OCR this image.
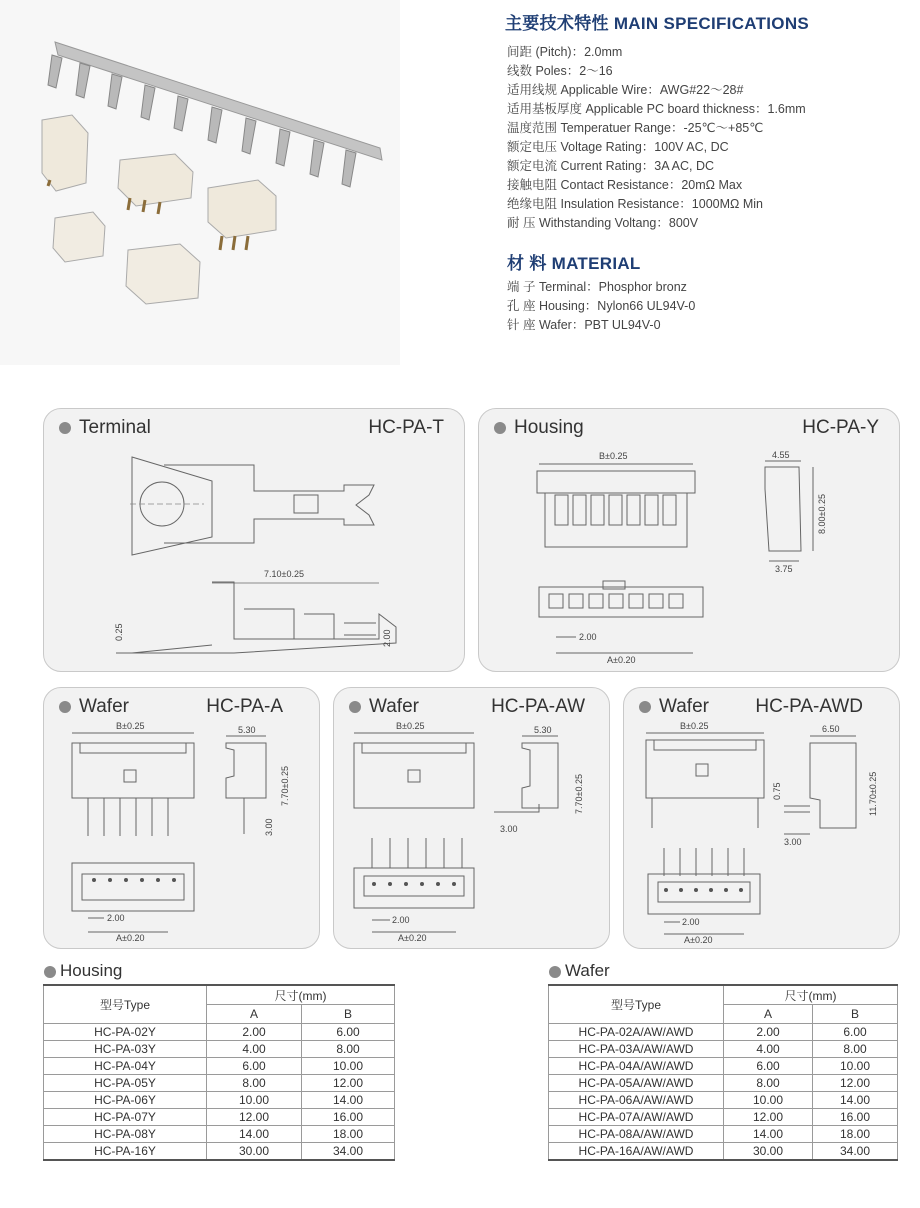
主要技术特性 MAIN SPECIFICATIONS
间距 (Pitch)：2.0mm
线数 Poles：2～16
适用线规 Applicable Wire：AWG#22～28#
适用基板厚度 Applicable PC board thickness：1.6mm
温度范围 Temperatuer Range：-25℃～+85℃
额定电压 Voltage Rating：100V AC, DC
额定电流 Current Rating：3A AC, DC
接触电阻 Contact Resistance：20mΩ Max
绝缘电阻 Insulation Resistance：1000MΩ Min
耐 压 Withstanding Voltang：800V
材 料 MATERIAL
端 子 Terminal：Phosphor bronz
孔 座 Housing：Nylon66 UL94V-0
针 座 Wafer：PBT UL94V-0
Terminal	HC-PA-T
7.10±0.25
0.25	2.00
Housing	HC-PA-Y
B±0.25	4.55
8.00±0.25
3.75
2.00
A±0.20
Wafer	HC-PA-A
B±0.25	5.30
7.70±0.25
3.00
2.00
A±0.20
Wafer	HC-PA-AW
B±0.25	5.30
7.70±0.25
3.00
2.00
A±0.20
Wafer HC-PA-AWD
B±0.25	6.50
0.75	11.70±0.25
3.00
2.00
A±0.20
Housing
型号Type	尺寸(mm)	
	A	B
HC-PA-02Y	2.00	6.00
HC-PA-03Y	4.00	8.00
HC-PA-04Y	6.00	10.00
HC-PA-05Y	8.00	12.00
HC-PA-06Y	10.00	14.00
HC-PA-07Y	12.00	16.00
HC-PA-08Y	14.00	18.00
HC-PA-16Y	30.00	34.00
Wafer
型号Type	尺寸(mm)	
	A	B
HC-PA-02A/AW/AWD	2.00	6.00
HC-PA-03A/AW/AWD	4.00	8.00
HC-PA-04A/AW/AWD	6.00	10.00
HC-PA-05A/AW/AWD	8.00	12.00
HC-PA-06A/AW/AWD	10.00	14.00
HC-PA-07A/AW/AWD	12.00	16.00
HC-PA-08A/AW/AWD	14.00	18.00
HC-PA-16A/AW/AWD	30.00	34.00
